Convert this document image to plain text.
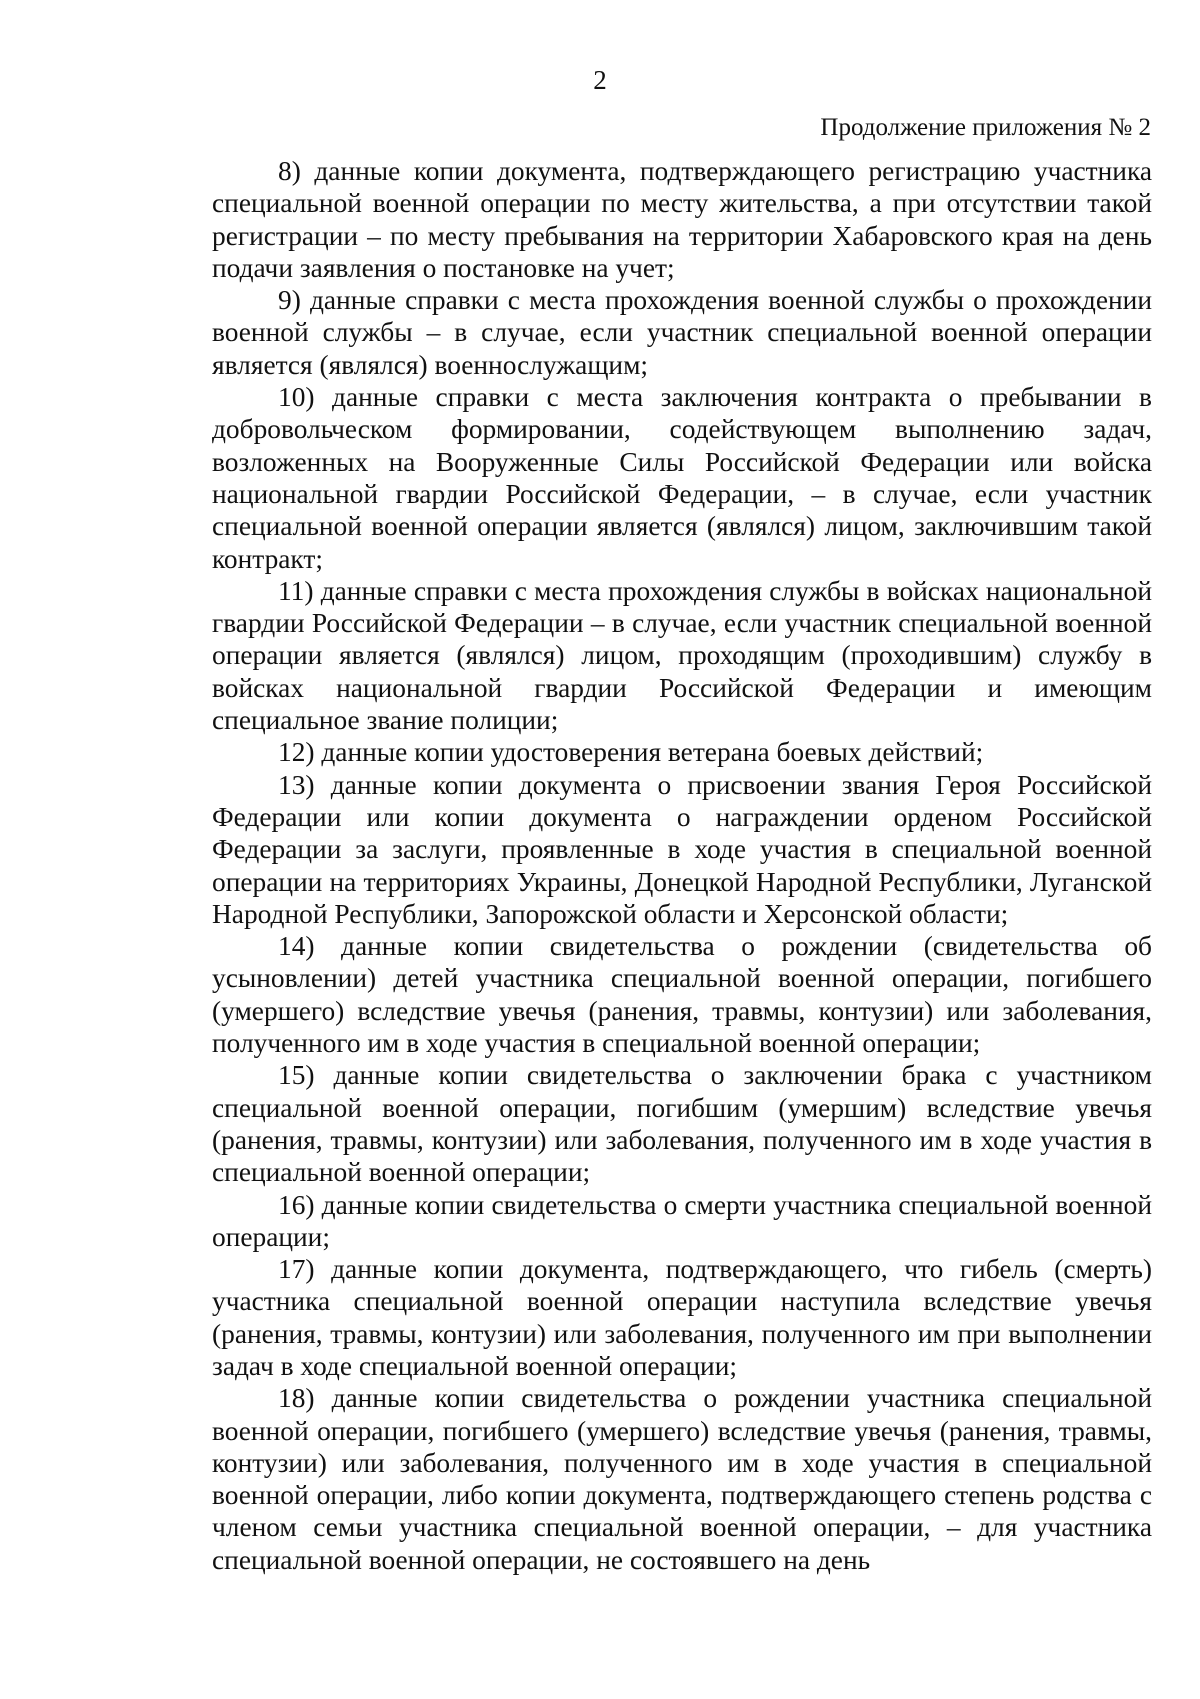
2

Продолжение приложения № 2

8) данные копии документа, подтверждающего регистрацию участника специальной военной операции по месту жительства, а при отсутствии такой регистрации – по месту пребывания на территории Хабаровского края на день подачи заявления о постановке на учет;

9) данные справки с места прохождения военной службы о прохождении военной службы – в случае, если участник специальной военной операции является (являлся) военнослужащим;

10) данные справки с места заключения контракта о пребывании в добровольческом формировании, содействующем выполнению задач, возложенных на Вооруженные Силы Российской Федерации или войска национальной гвардии Российской Федерации, – в случае, если участник специальной военной операции является (являлся) лицом, заключившим такой контракт;

11) данные справки с места прохождения службы в войсках национальной гвардии Российской Федерации – в случае, если участник специальной военной операции является (являлся) лицом, проходящим (проходившим) службу в войсках национальной гвардии Российской Федерации и имеющим специальное звание полиции;

12) данные копии удостоверения ветерана боевых действий;

13) данные копии документа о присвоении звания Героя Российской Федерации или копии документа о награждении орденом Российской Федерации за заслуги, проявленные в ходе участия в специальной военной операции на территориях Украины, Донецкой Народной Республики, Луганской Народной Республики, Запорожской области и Херсонской области;

14) данные копии свидетельства о рождении (свидетельства об усыновлении) детей участника специальной военной операции, погибшего (умершего) вследствие увечья (ранения, травмы, контузии) или заболевания, полученного им в ходе участия в специальной военной операции;

15) данные копии свидетельства о заключении брака с участником специальной военной операции, погибшим (умершим) вследствие увечья (ранения, травмы, контузии) или заболевания, полученного им в ходе участия в специальной военной операции;

16) данные копии свидетельства о смерти участника специальной военной операции;

17) данные копии документа, подтверждающего, что гибель (смерть) участника специальной военной операции наступила вследствие увечья (ранения, травмы, контузии) или заболевания, полученного им при выполнении задач в ходе специальной военной операции;

18) данные копии свидетельства о рождении участника специальной военной операции, погибшего (умершего) вследствие увечья (ранения, травмы, контузии) или заболевания, полученного им в ходе участия в специальной военной операции, либо копии документа, подтверждающего степень родства с членом семьи участника специальной военной операции, – для участника специальной военной операции, не состоявшего на день
